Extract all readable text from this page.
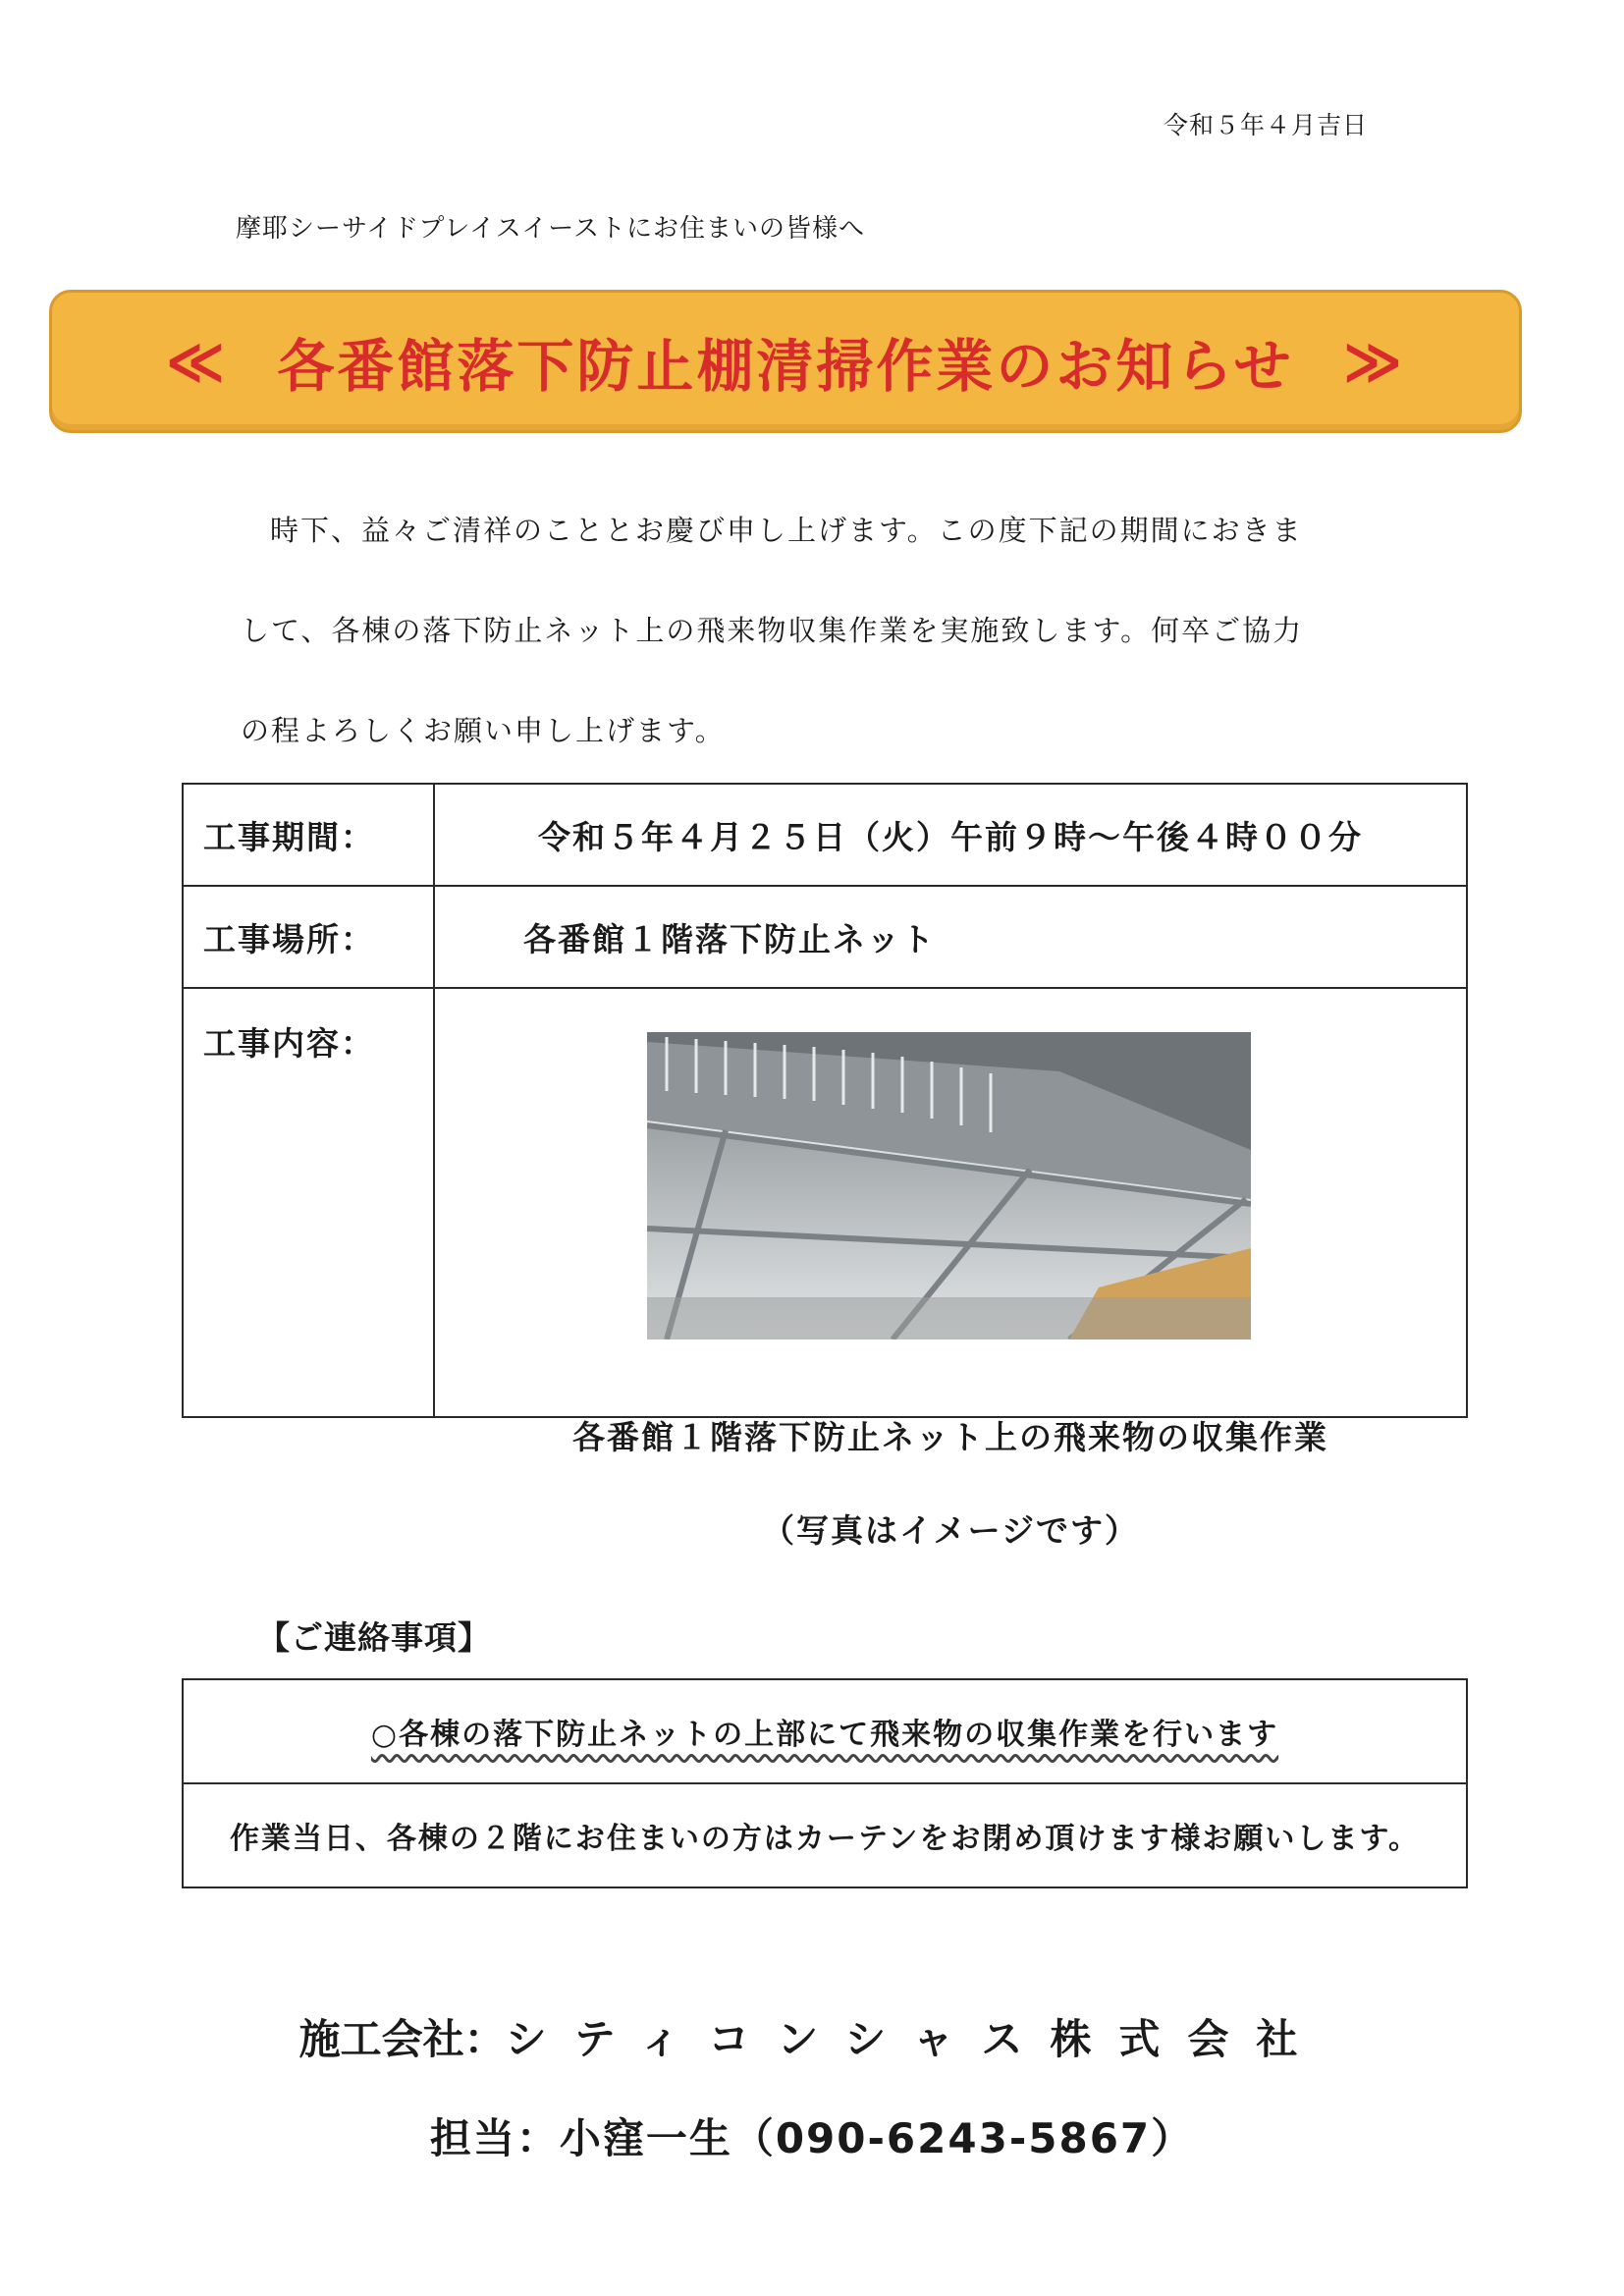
令和５年４月吉日
摩耶シーサイドプレイスイーストにお住まいの皆様へ
≪ 各番館落下防止棚清掃作業のお知らせ ≫
時下、益々ご清祥のこととお慶び申し上げます。この度下記の期間におきま
して、各棟の落下防止ネット上の飛来物収集作業を実施致します。何卒ご協力
の程よろしくお願い申し上げます。
工事期間：	令和５年４月２５日（火）午前９時～午後４時００分
工事場所：	各番館１階落下防止ネット
工事内容：	各番館１階落下防止ネット上の飛来物の収集作業
（写真はイメージです）
【ご連絡事項】
○各棟の落下防止ネットの上部にて飛来物の収集作業を行います
作業当日、各棟の２階にお住まいの方はカーテンをお閉め頂けます様お願いします。
施工会社：シティコンシャス株式会社
担当：小窪一生（090-6243-5867）
